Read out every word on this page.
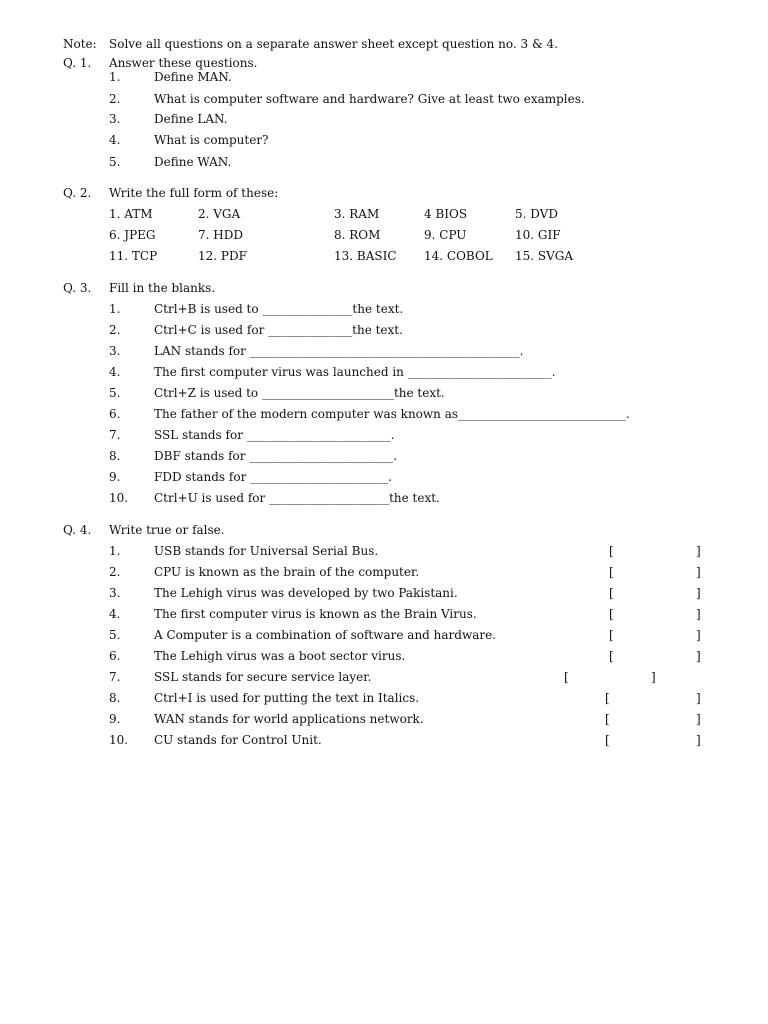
Note: Solve all questions on a separate answer sheet except question no. 3 & 4.
Q. 1. Answer these questions.
1.	Define MAN.
2.	What is computer software and hardware? Give at least two examples.
3.	Define LAN.
4.	What is computer?
5.	Define WAN.
Q. 2. Write the full form of these:
1. ATM	2. VGA	3. RAM	4 BIOS	5. DVD
6. JPEG	7. HDD	8. ROM	9. CPU	10. GIF
11. TCP	12. PDF	13. BASIC 14. COBOL 15. SVGA
Q. 3. Fill in the blanks.
1.	Ctrl+B is used to _______________the text.
2.	Ctrl+C is used for ______________the text.
3.	LAN stands for _____________________________________________.
4.	The first computer virus was launched in ________________________.
5.	Ctrl+Z is used to ______________________the text.
6.	The father of the modern computer was known as____________________________.
7.	SSL stands for ________________________.
8.	DBF stands for ________________________.
9.	FDD stands for _______________________.
10. Ctrl+U is used for ____________________the text.
Q. 4. Write true or false.
1.	USB stands for Universal Serial Bus.	[	]
2.	CPU is known as the brain of the computer.	[	]
3.	The Lehigh virus was developed by two Pakistani.	[	]
4.	The first computer virus is known as the Brain Virus.	[	]
5.	A Computer is a combination of software and hardware.	[	]
6.	The Lehigh virus was a boot sector virus.	[	]
7.	SSL stands for secure service layer.	[	]
8.	Ctrl+I is used for putting the text in Italics.	[	]
9.	WAN stands for world applications network.	[	]
10. CU stands for Control Unit.	[	]
